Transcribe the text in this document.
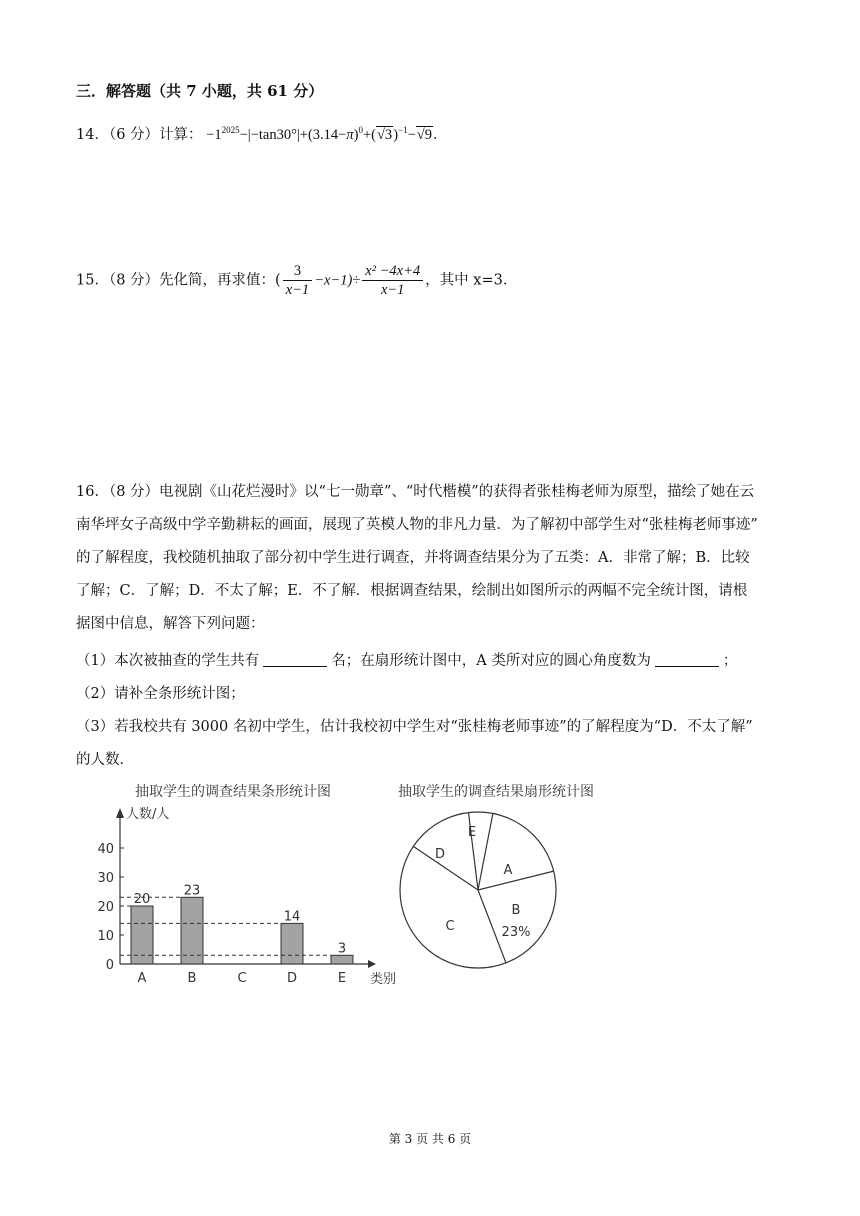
三．解答题（共 7 小题，共 61 分）
14．（6 分）计算： $-1^{2025}-|-\tan 30^\circ|+(3.14-\pi)^0+(√3)^{-1}-√9$．
15．（8 分）先化简，再求值：( $\frac{3}{x-1} -x-1)\div \frac{\text{x² −4x+4}}{x-1}$ ，其中 x=3．
16．（8 分）电视剧《山花烂漫时》以“七一勋章”、“时代楷模”的获得者张桂梅老师为原型，描绘了她在云
南华坪女子高级中学辛勤耕耘的画面，展现了英模人物的非凡力量．为了解初中部学生对“张桂梅老师事迹”
的了解程度，我校随机抽取了部分初中学生进行调查，并将调查结果分为了五类：A．非常了解；B．比较
了解；C．了解；D．不太了解；E．不了解．根据调查结果，绘制出如图所示的两幅不完全统计图，请根
据图中信息，解答下列问题：
（1）本次被抽查的学生共有	名；在扇形统计图中，A 类所对应的圆心角度数为	；
（2）请补全条形统计图；
（3）若我校共有 3000 名初中学生，估计我校初中学生对“张桂梅老师事迹”的了解程度为“D．不太了解”
的人数．
抽取学生的调查结果条形统计图
人数/人
0
10
20
30
40
20
A
23
B	C
14
D
3
E 类别
抽取学生的调查结果扇形统计图
A
B
C
D
E
23%
第 3 页 共 6 页
